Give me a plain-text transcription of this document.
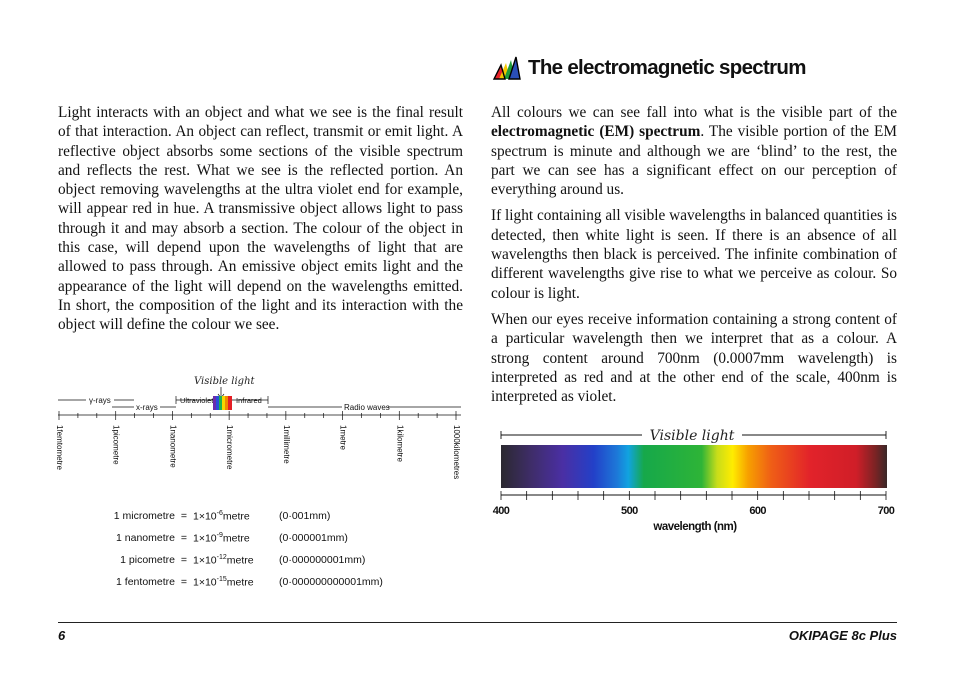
The electromagnetic spectrum

Light interacts with an object and what we see is the final result of that interaction. An object can reflect, transmit or emit light. A reflective object absorbs some sections of the visible spectrum and reflects the rest. What we see is the reflected portion. An object removing wavelengths at the ultra violet end for example, will appear red in hue. A transmissive object allows light to pass through it and may absorb a section. The colour of the object in this case, will depend upon the wavelengths of light that are allowed to pass through. An emissive object emits light and the appearance of the light will depend on the wavelengths emitted. In short, the composition of the light and its interaction with the object will define the colour we see.

All colours we can see fall into what is the visible part of the electromagnetic (EM) spectrum. The visible portion of the EM spectrum is minute and although we are ‘blind’ to the rest, the part we can see has a significant effect on our perception of everything around us.

If light containing all visible wavelengths in balanced quantities is detected, then white light is seen. If there is an absence of all wavelengths then black is perceived. The infinite combination of different wavelengths give rise to what we perceive as colour. So colour is light.

When our eyes receive information containing a strong content of a particular wavelength then we interpret that as a colour. A strong content around 700nm (0.0007mm wavelength) is interpreted as red and at the other end of the scale, 400nm is interpreted as violet.

Visible light
γ-rays
x-rays
Ultraviolet	Infrared
Radio waves
1femtometre	1picometre	1nanometre	1micrometre	1millimetre	1metre	1kilometre	1000kilometres
1 micrometre	=	$1\times 10^{-6}metre$	(0·001mm)
1 nanometre	=	$1\times 10^{-9}metre$	(0·000001mm)
1 picometre	=	$1\times 10^{-12}metre$	(0·000000001mm)
1 fentometre	=	$1\times 10^{-15}metre$	(0·000000000001mm)
Visible light
400	500	600	700
wavelength (nm)
6	OKIPAGE 8c Plus
